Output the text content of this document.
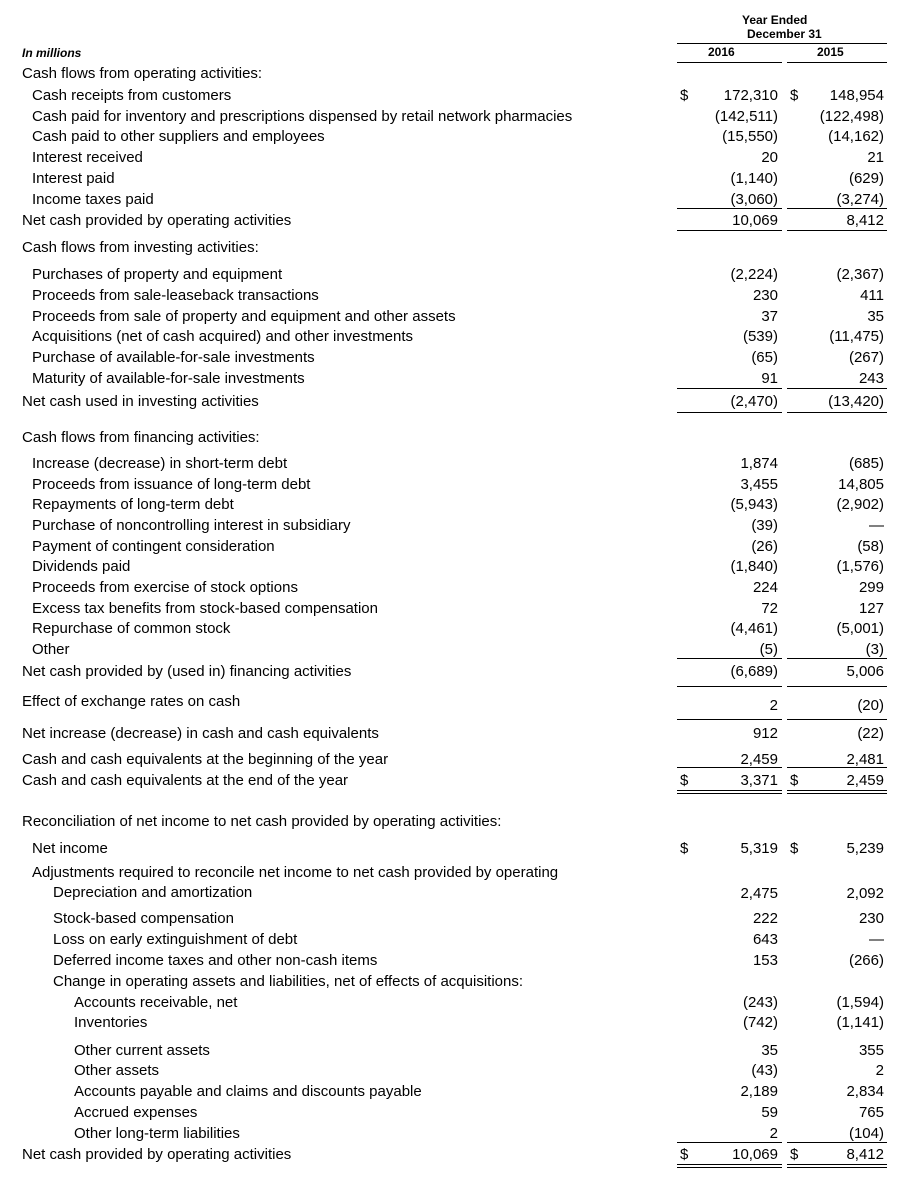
Year Ended
December 31
2016	2015
In millions
Cash flows from operating activities:
Cash receipts from customers	$	172,310 $	148,954
Cash paid for inventory and prescriptions dispensed by retail network pharmacies	(142,511)	(122,498)
Cash paid to other suppliers and employees	(15,550)	(14,162)
Interest received	20	21
Interest paid	(1,140)	(629)
Income taxes paid	(3,060)	(3,274)
Net cash provided by operating activities	10,069	8,412
Cash flows from investing activities:
Purchases of property and equipment	(2,224)	(2,367)
Proceeds from sale-leaseback transactions	230	411
Proceeds from sale of property and equipment and other assets	37	35
Acquisitions (net of cash acquired) and other investments	(539)	(11,475)
Purchase of available-for-sale investments	(65)	(267)
Maturity of available-for-sale investments	91	243
Net cash used in investing activities	(2,470)	(13,420)
Cash flows from financing activities:
Increase (decrease) in short-term debt	1,874	(685)
Proceeds from issuance of long-term debt	3,455	14,805
Repayments of long-term debt	(5,943)	(2,902)
Purchase of noncontrolling interest in subsidiary	(39)	—
Payment of contingent consideration	(26)	(58)
Dividends paid	(1,840)	(1,576)
Proceeds from exercise of stock options	224	299
Excess tax benefits from stock-based compensation	72	127
Repurchase of common stock	(4,461)	(5,001)
Other	(5)	(3)
Net cash provided by (used in) financing activities	(6,689)	5,006
Effect of exchange rates on cash	2	(20)
Net increase (decrease) in cash and cash equivalents	912	(22)
Cash and cash equivalents at the beginning of the year	2,459	2,481
Cash and cash equivalents at the end of the year	$	3,371 $	2,459
Reconciliation of net income to net cash provided by operating activities:
Net income	$	5,319 $	5,239
Adjustments required to reconcile net income to net cash provided by operating
Depreciation and amortization	2,475	2,092
Stock-based compensation	222	230
Loss on early extinguishment of debt	643	—
Deferred income taxes and other non-cash items	153	(266)
Change in operating assets and liabilities, net of effects of acquisitions:
Accounts receivable, net	(243)	(1,594)
Inventories	(742)	(1,141)
Other current assets	35	355
Other assets	(43)	2
Accounts payable and claims and discounts payable	2,189	2,834
Accrued expenses	59	765
Other long-term liabilities	2	(104)
Net cash provided by operating activities	$	10,069 $	8,412
